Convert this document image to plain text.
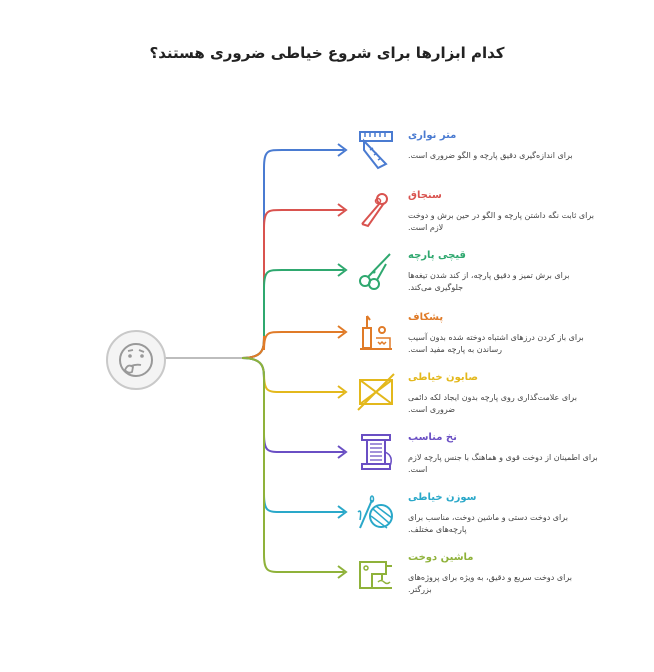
کدام ابزارها برای شروع خیاطی ضروری هستند؟
متر نواری
برای اندازه‌گیری دقیق پارچه و الگو ضروری است.
سنجاق
برای ثابت نگه داشتن پارچه و الگو در حین برش و دوخت لازم است.
قیچی پارچه
برای برش تمیز و دقیق پارچه، از کند شدن تیغه‌ها جلوگیری می‌کند.
پشکاف
برای باز کردن درزهای اشتباه دوخته شده بدون آسیب رساندن به پارچه مفید است.
صابون خیاطی
برای علامت‌گذاری روی پارچه بدون ایجاد لکه دائمی ضروری است.
نخ مناسب
برای اطمینان از دوخت قوی و هماهنگ با جنس پارچه لازم است.
سوزن خیاطی
برای دوخت دستی و ماشین دوخت، مناسب برای پارچه‌های مختلف.
ماشین دوخت
برای دوخت سریع و دقیق، به ویژه برای پروژه‌های بزرگتر.
